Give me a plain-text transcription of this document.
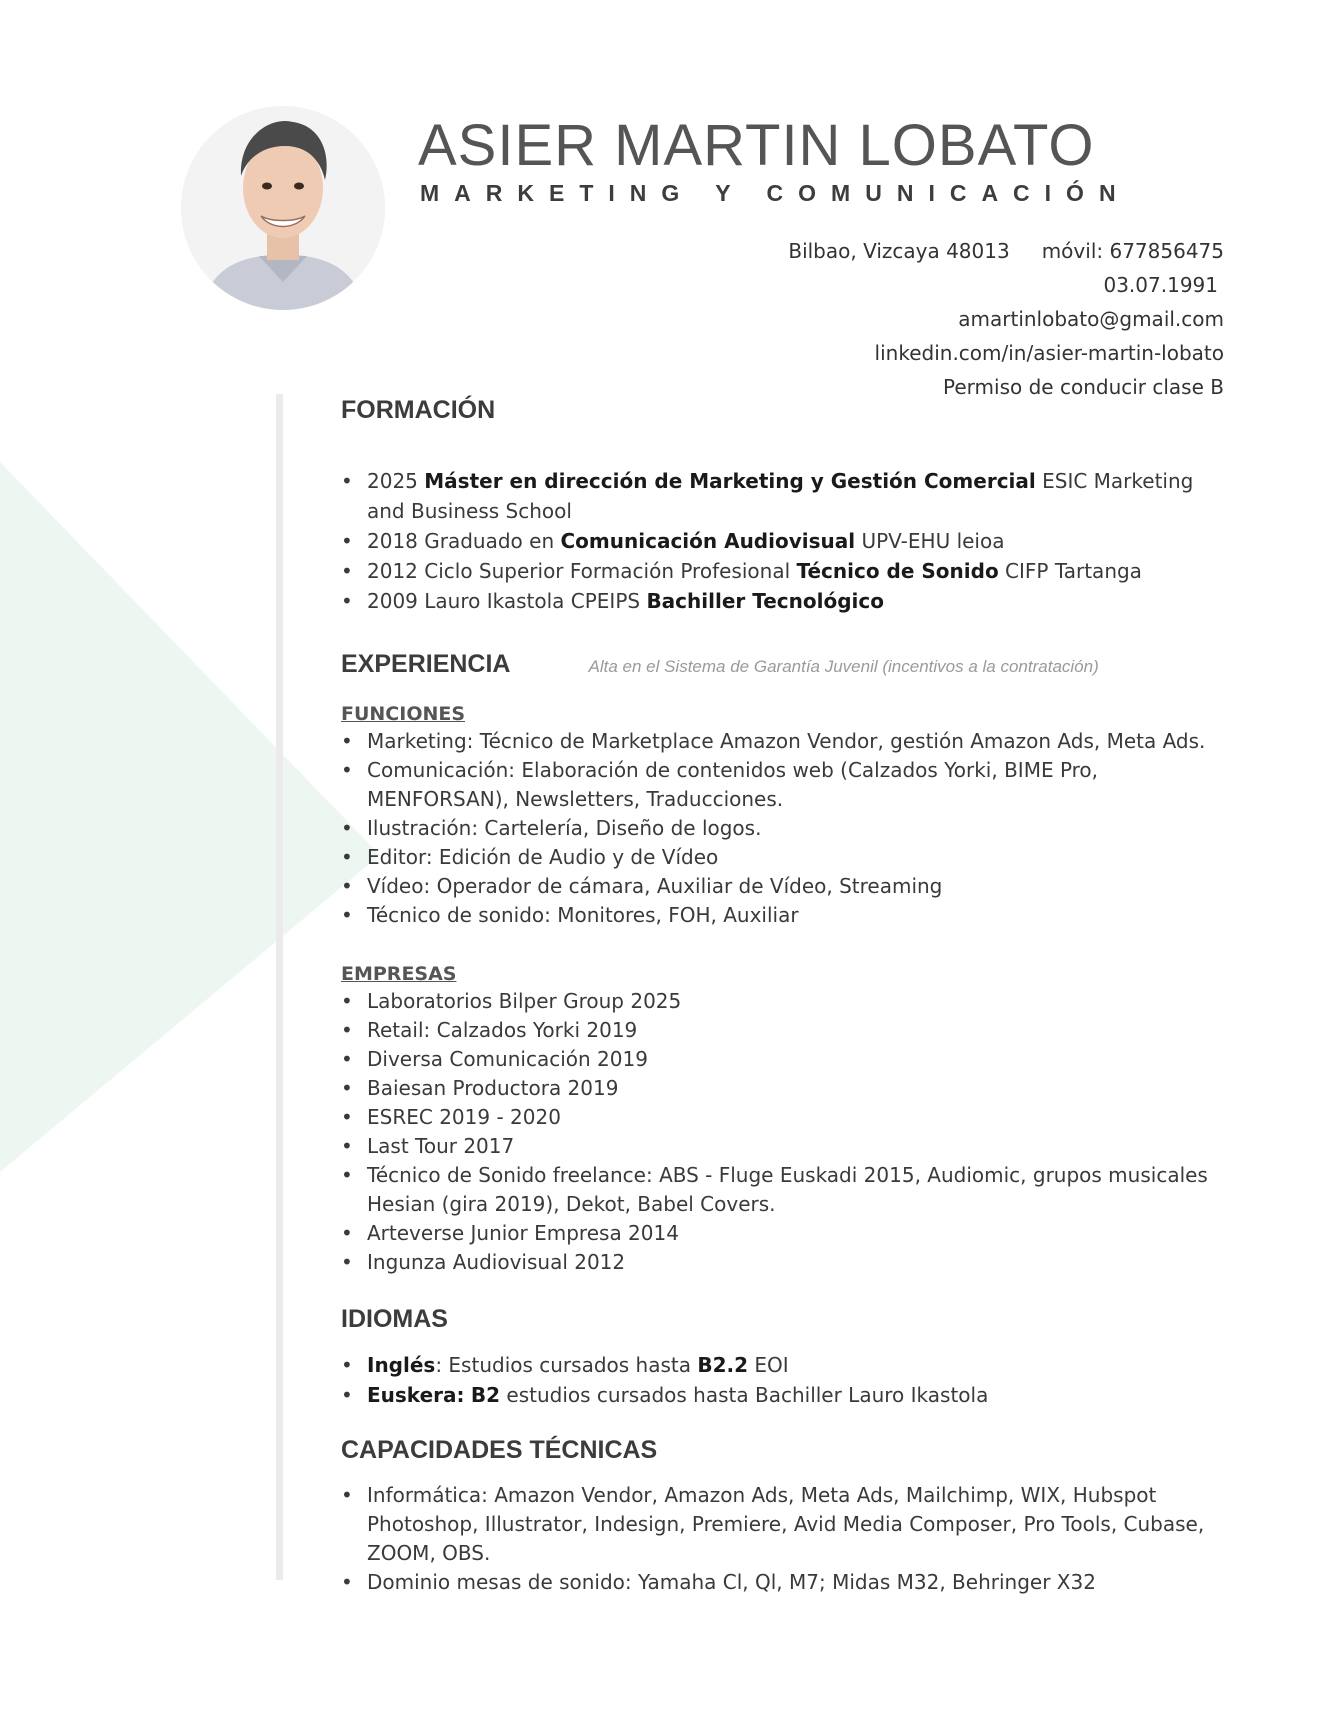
ASIER MARTIN LOBATO
MARKETING Y COMUNICACIÓN
Bilbao, Vizcaya 48013 móvil: 677856475
03.07.1991
amartinlobato@gmail.com
linkedin.com/in/asier-martin-lobato
Permiso de conducir clase B
FORMACIÓN
• 2025 Máster en dirección de Marketing y Gestión Comercial ESIC Marketing and Business School
• 2018 Graduado en Comunicación Audiovisual UPV-EHU leioa
• 2012 Ciclo Superior Formación Profesional Técnico de Sonido CIFP Tartanga
• 2009 Lauro Ikastola CPEIPS Bachiller Tecnológico
EXPERIENCIA	Alta en el Sistema de Garantía Juvenil (incentivos a la contratación)
FUNCIONES
• Marketing: Técnico de Marketplace Amazon Vendor, gestión Amazon Ads, Meta Ads.
• Comunicación: Elaboración de contenidos web (Calzados Yorki, BIME Pro, MENFORSAN), Newsletters, Traducciones.
• Ilustración: Cartelería, Diseño de logos.
• Editor: Edición de Audio y de Vídeo
• Vídeo: Operador de cámara, Auxiliar de Vídeo, Streaming
• Técnico de sonido: Monitores, FOH, Auxiliar
EMPRESAS
• Laboratorios Bilper Group 2025
• Retail: Calzados Yorki 2019
• Diversa Comunicación 2019
• Baiesan Productora 2019
• ESREC 2019 - 2020
• Last Tour 2017
• Técnico de Sonido freelance: ABS - Fluge Euskadi 2015, Audiomic, grupos musicales Hesian (gira 2019), Dekot, Babel Covers.
• Arteverse Junior Empresa 2014
• Ingunza Audiovisual 2012
IDIOMAS
• Inglés: Estudios cursados hasta B2.2 EOI
• Euskera: B2 estudios cursados hasta Bachiller Lauro Ikastola
CAPACIDADES TÉCNICAS
• Informática: Amazon Vendor, Amazon Ads, Meta Ads, Mailchimp, WIX, Hubspot Photoshop, Illustrator, Indesign, Premiere, Avid Media Composer, Pro Tools, Cubase, ZOOM, OBS.
• Dominio mesas de sonido: Yamaha Cl, Ql, M7; Midas M32, Behringer X32
